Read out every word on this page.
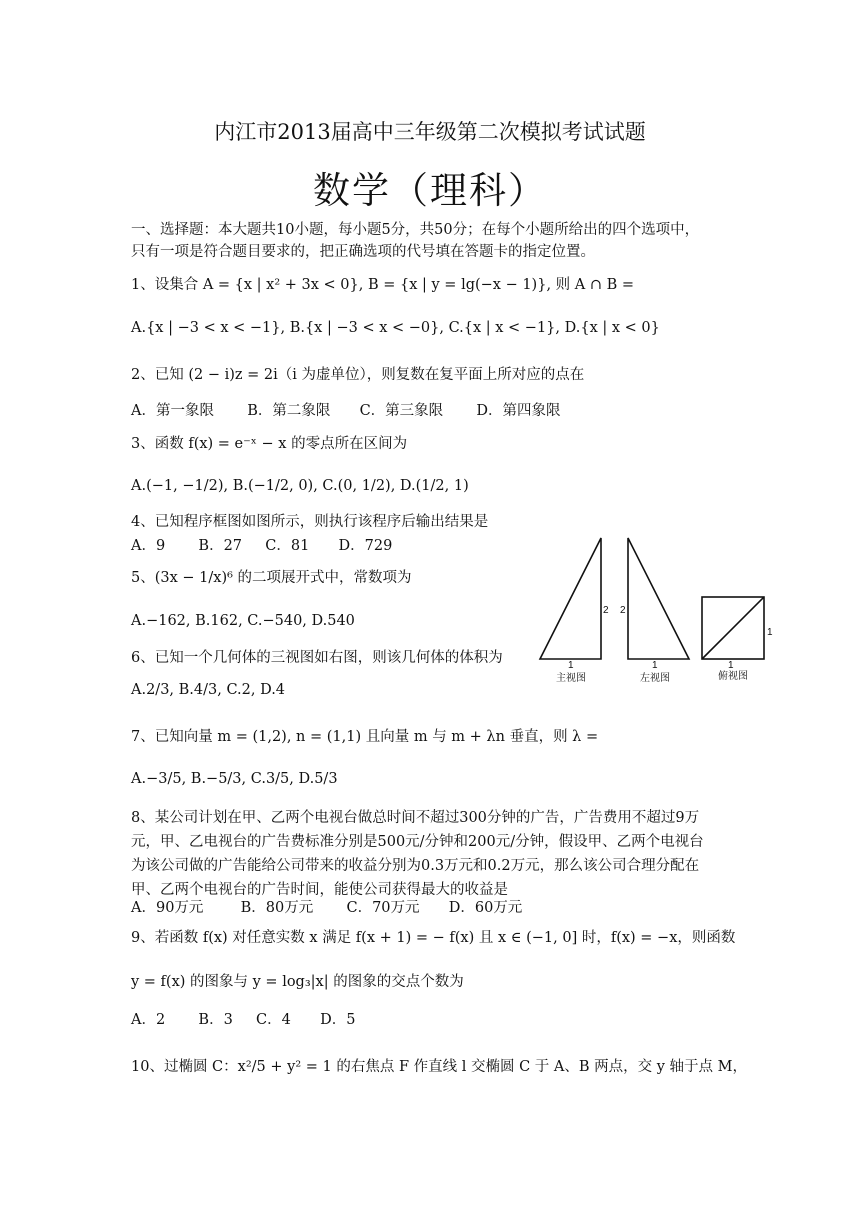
内江市2013届高中三年级第二次模拟考试试题
数学（理科）
一、选择题：本大题共10小题，每小题5分，共50分；在每个小题所给出的四个选项中，
只有一项是符合题目要求的，把正确选项的代号填在答题卡的指定位置。
1、设集合 A = {x | x² + 3x < 0}, B = {x | y = lg(−x − 1)}, 则 A ∩ B =
A.{x | −3 < x < −1}, B.{x | −3 < x < −0}, C.{x | x < −1}, D.{x | x < 0}
2、已知 (2 − i)z = 2i（i 为虚单位），则复数在复平面上所对应的点在
A．第一象限 B．第二象限 C．第三象限 D．第四象限
3、函数 f(x) = e⁻ˣ − x 的零点所在区间为
A.(−1, −1/2), B.(−1/2, 0), C.(0, 1/2), D.(1/2, 1)
4、已知程序框图如图所示，则执行该程序后输出结果是
A．9 B．27 C．81 D．729
5、(3x − 1/x)⁶ 的二项展开式中，常数项为
A.−162, B.162, C.−540, D.540
6、已知一个几何体的三视图如右图，则该几何体的体积为
A.2/3, B.4/3, C.2, D.4
7、已知向量 m = (1,2), n = (1,1) 且向量 m 与 m + λn 垂直，则 λ =
A.−3/5, B.−5/3, C.3/5, D.5/3
8、某公司计划在甲、乙两个电视台做总时间不超过300分钟的广告，广告费用不超过9万
元，甲、乙电视台的广告费标准分别是500元/分钟和200元/分钟，假设甲、乙两个电视台
为该公司做的广告能给公司带来的收益分别为0.3万元和0.2万元，那么该公司合理分配在
甲、乙两个电视台的广告时间，能使公司获得最大的收益是
A．90万元	B．80万元 C．70万元 D．60万元
9、若函数 f(x) 对任意实数 x 满足 f(x + 1) = − f(x) 且 x ∈ (−1, 0] 时，f(x) = −x，则函数
y = f(x) 的图象与 y = log₃|x| 的图象的交点个数为
A．2 B．3 C．4 D．5
10、过椭圆 C：x²/5 + y² = 1 的右焦点 F 作直线 l 交椭圆 C 于 A、B 两点，交 y 轴于点 M，
2 2
1	1	1
1
主视图	左视图	俯视图
